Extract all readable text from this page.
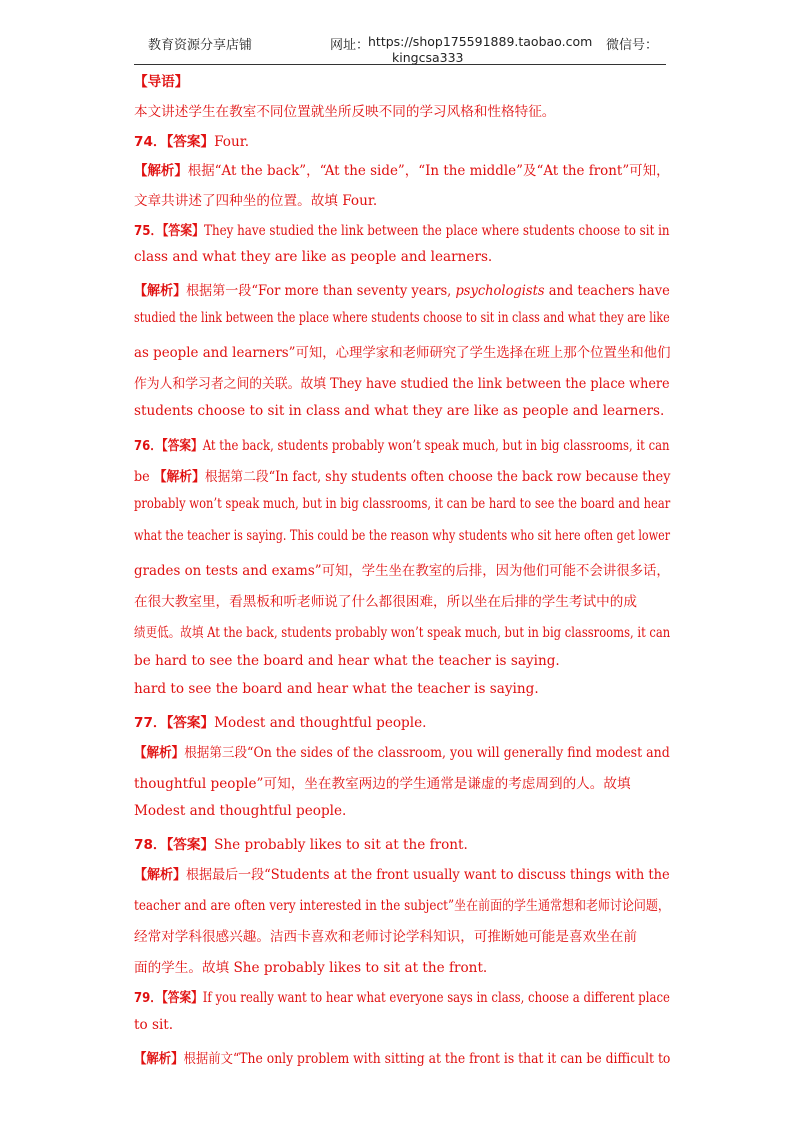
教育资源分享店铺	网址：
https://shop175591889.taobao.com 微信号：
kingcsa333
【导语】
本文讲述学生在教室不同位置就坐所反映不同的学习风格和性格特征。
74．【答案】Four.
【解析】根据“At the back”，“At the side”，“In the middle”及“At the front”可知，
文章共讲述了四种坐的位置。故填 Four.
75．【答案】They have studied the link between the place where students choose to sit in
class and what they are like as people and learners.
【解析】根据第一段“For more than seventy years, psychologists and teachers have
studied the link between the place where students choose to sit in class and what they are like
as people and learners”可知，心理学家和老师研究了学生选择在班上那个位置坐和他们
作为人和学习者之间的关联。故填 They have studied the link between the place where
students choose to sit in class and what they are like as people and learners.
76．【答案】At the back, students probably won’t speak much, but in big classrooms, it can
be 【解析】根据第二段“In fact, shy students often choose the back row because they
probably won’t speak much, but in big classrooms, it can be hard to see the board and hear
what the teacher is saying. This could be the reason why students who sit here often get lower
grades on tests and exams”可知，学生坐在教室的后排，因为他们可能不会讲很多话，
在很大教室里，看黑板和听老师说了什么都很困难，所以坐在后排的学生考试中的成
绩更低。故填 At the back, students probably won’t speak much, but in big classrooms, it can
be hard to see the board and hear what the teacher is saying.
hard to see the board and hear what the teacher is saying.
77．【答案】Modest and thoughtful people.
【解析】根据第三段“On the sides of the classroom, you will generally find modest and
thoughtful people”可知，坐在教室两边的学生通常是谦虚的考虑周到的人。故填
Modest and thoughtful people.
78．【答案】She probably likes to sit at the front.
【解析】根据最后一段“Students at the front usually want to discuss things with the
teacher and are often very interested in the subject”坐在前面的学生通常想和老师讨论问题，
经常对学科很感兴趣。洁西卡喜欢和老师讨论学科知识，可推断她可能是喜欢坐在前
面的学生。故填 She probably likes to sit at the front.
79．【答案】If you really want to hear what everyone says in class, choose a different place
to sit.
【解析】根据前文“The only problem with sitting at the front is that it can be difficult to
